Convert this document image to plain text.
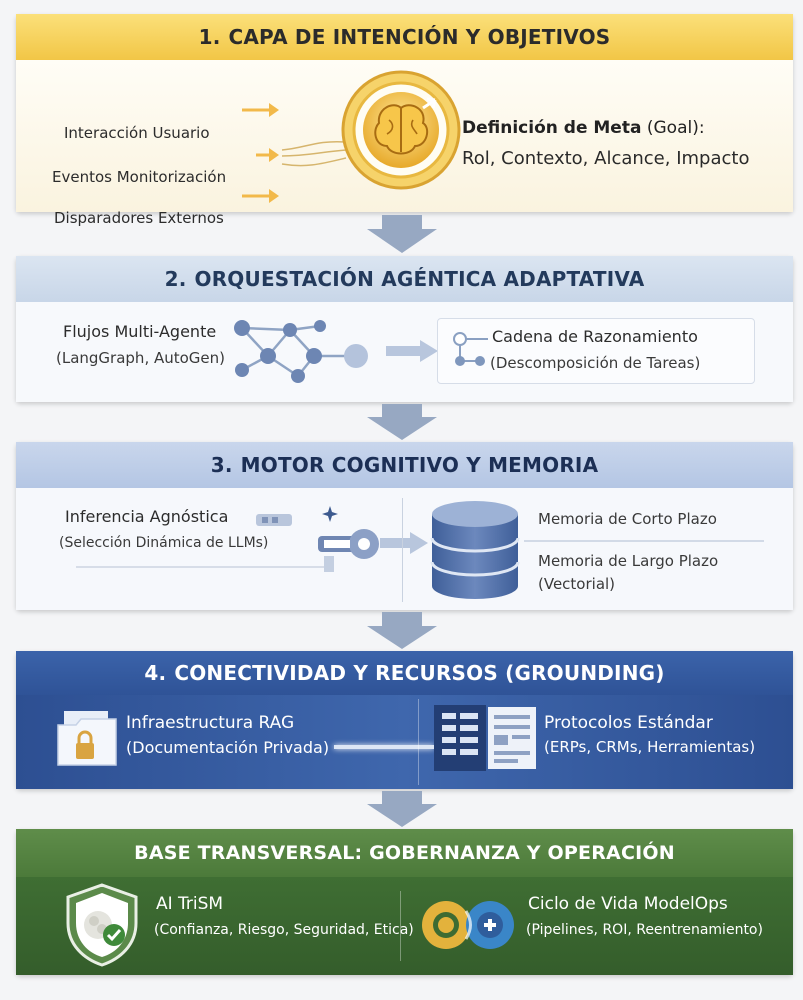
1. CAPA DE INTENCIÓN Y OBJETIVOS
Interacción Usuario
Eventos Monitorización
Disparadores Externos
Definición de Meta (Goal):
Rol, Contexto, Alcance, Impacto
2. ORQUESTACIÓN AGÉNTICA ADAPTATIVA
Flujos Multi-Agente
(LangGraph, AutoGen)
Cadena de Razonamiento
(Descomposición de Tareas)
3. MOTOR COGNITIVO Y MEMORIA
Inferencia Agnóstica
(Selección Dinámica de LLMs)
Memoria de Corto Plazo
Memoria de Largo Plazo
(Vectorial)
4. CONECTIVIDAD Y RECURSOS (GROUNDING)
Infraestructura RAG
(Documentación Privada)
Protocolos Estándar
(ERPs, CRMs, Herramientas)
BASE TRANSVERSAL: GOBERNANZA Y OPERACIÓN
AI TriSM
(Confianza, Riesgo, Seguridad, Etica)
Ciclo de Vida ModelOps
(Pipelines, ROI, Reentrenamiento)
